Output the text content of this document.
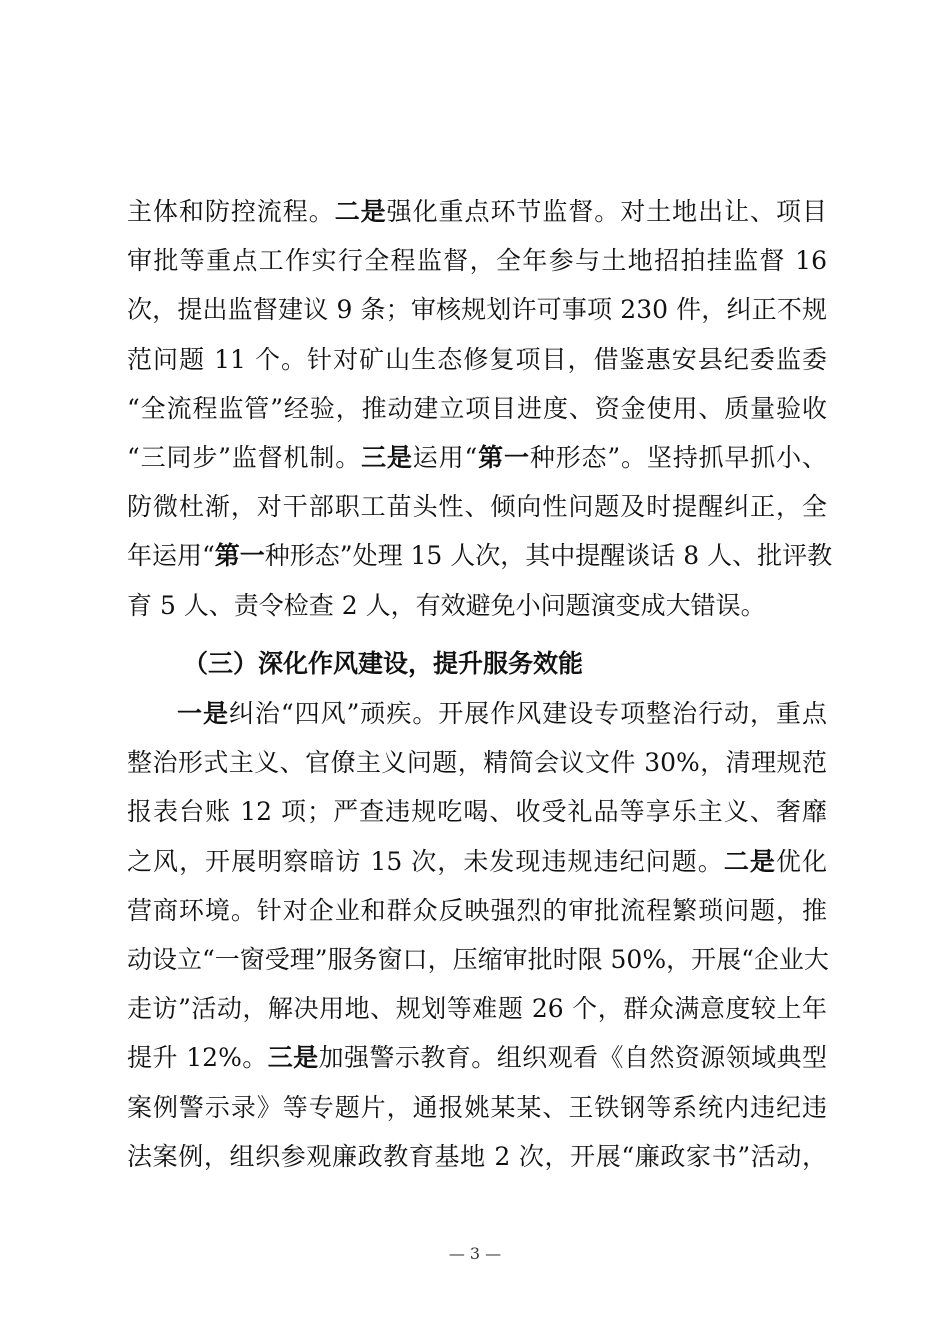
主体和防控流程。二是强化重点环节监督。对土地出让、项目
审批等重点工作实行全程监督，全年参与土地招拍挂监督 16
次，提出监督建议 9 条；审核规划许可事项 230 件，纠正不规
范问题 11 个。针对矿山生态修复项目，借鉴惠安县纪委监委
“全流程监管”经验，推动建立项目进度、资金使用、质量验收
“三同步”监督机制。三是运用“第一种形态”。坚持抓早抓小、
防微杜渐，对干部职工苗头性、倾向性问题及时提醒纠正，全
年运用“第一种形态”处理 15 人次，其中提醒谈话 8 人、批评教
育 5 人、责令检查 2 人，有效避免小问题演变成大错误。
一是纠治“四风”顽疾。开展作风建设专项整治行动，重点
整治形式主义、官僚主义问题，精简会议文件 30%，清理规范
报表台账 12 项；严查违规吃喝、收受礼品等享乐主义、奢靡
之风，开展明察暗访 15 次，未发现违规违纪问题。二是优化
营商环境。针对企业和群众反映强烈的审批流程繁琐问题，推
动设立“一窗受理”服务窗口，压缩审批时限 50%，开展“企业大
走访”活动，解决用地、规划等难题 26 个，群众满意度较上年
提升 12%。三是加强警示教育。组织观看《自然资源领域典型
案例警示录》等专题片，通报姚某某、王铁钢等系统内违纪违
法案例，组织参观廉政教育基地 2 次，开展“廉政家书”活动，
（三）深化作风建设，提升服务效能
— 3 —
